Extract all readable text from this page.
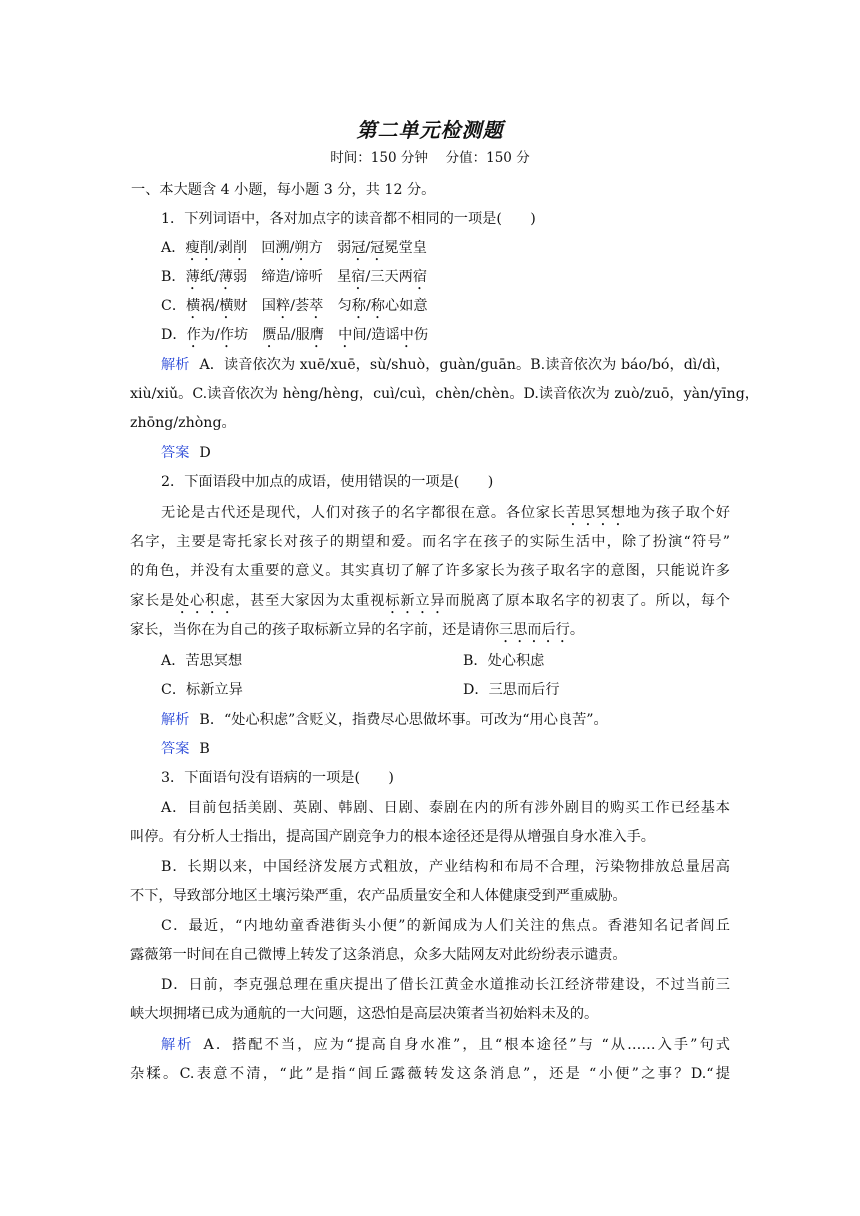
第二单元检测题
时间：150 分钟　 分值：150 分
一、本大题含 4 小题，每小题 3 分，共 12 分。
1．下列词语中，各对加点字的读音都不相同的一项是(　　)
A．瘦削/剥削　回溯/朔方　弱冠/冠冕堂皇
B．薄纸/薄弱　缔造/谛听　星宿/三天两宿
C．横祸/横财　国粹/荟萃　匀称/称心如意
D．作为/作坊　赝品/服膺　 中间/造谣中伤
解析 A．读音依次为 xuē/xuē，sù/shuò，guàn/guān。B.读音依次为 báo/bó，dì/dì，
xiù/xiǔ。C.读音依次为 hèng/hèng，cuì/cuì，chèn/chèn。D.读音依次为 zuò/zuō，yàn/yīng，
zhōng/zhòng。
答案 D
2．下面语段中加点的成语，使用错误的一项是(　　)
无论是古代还是现代，人们对孩子的名字都很在意。各位家长苦思冥想地为孩子取个好
名字，主要是寄托家长对孩子的期望和爱。而名字在孩子的实际生活中，除了扮演“符号”
的角色，并没有太重要的意义。其实真切了解了许多家长为孩子取名字的意图，只能说许多
家长是处心积虑，甚至大家因为太重视标新立异而脱离了原本取名字的初衷了。所以，每个
家长，当你在为自己的孩子取标新立异的名字前，还是请你三思而后行。
A．苦思冥想	B．处心积虑
C．标新立异	D．三思而后行
解析 B．“处心积虑”含贬义，指费尽心思做坏事。可改为“用心良苦”。
答案 B
3．下面语句没有语病的一项是(　　)
A．目前包括美剧、英剧、韩剧、日剧、泰剧在内的所有涉外剧目的购买工作已经基本
叫停。有分析人士指出，提高国产剧竞争力的根本途径还是得从增强自身水准入手。
B．长期以来，中国经济发展方式粗放，产业结构和布局不合理，污染物排放总量居高
不下，导致部分地区土壤污染严重，农产品质量安全和人体健康受到严重威胁。
C．最近，“内地幼童香港街头小便”的新闻成为人们关注的焦点。香港知名记者闾丘
露薇第一时间在自己微博上转发了这条消息，众多大陆网友对此纷纷表示谴责。
D．日前，李克强总理在重庆提出了借长江黄金水道推动长江经济带建设，不过当前三
峡大坝拥堵已成为通航的一大问题，这恐怕是高层决策者当初始料未及的。
解析 A．搭配不当，应为“提高自身水准”，且“根本途径”与 “从……入手”句式
杂糅。C.表意不清，“此”是指“闾丘露薇转发这条消息”，还是 “小便”之事？D.“提
